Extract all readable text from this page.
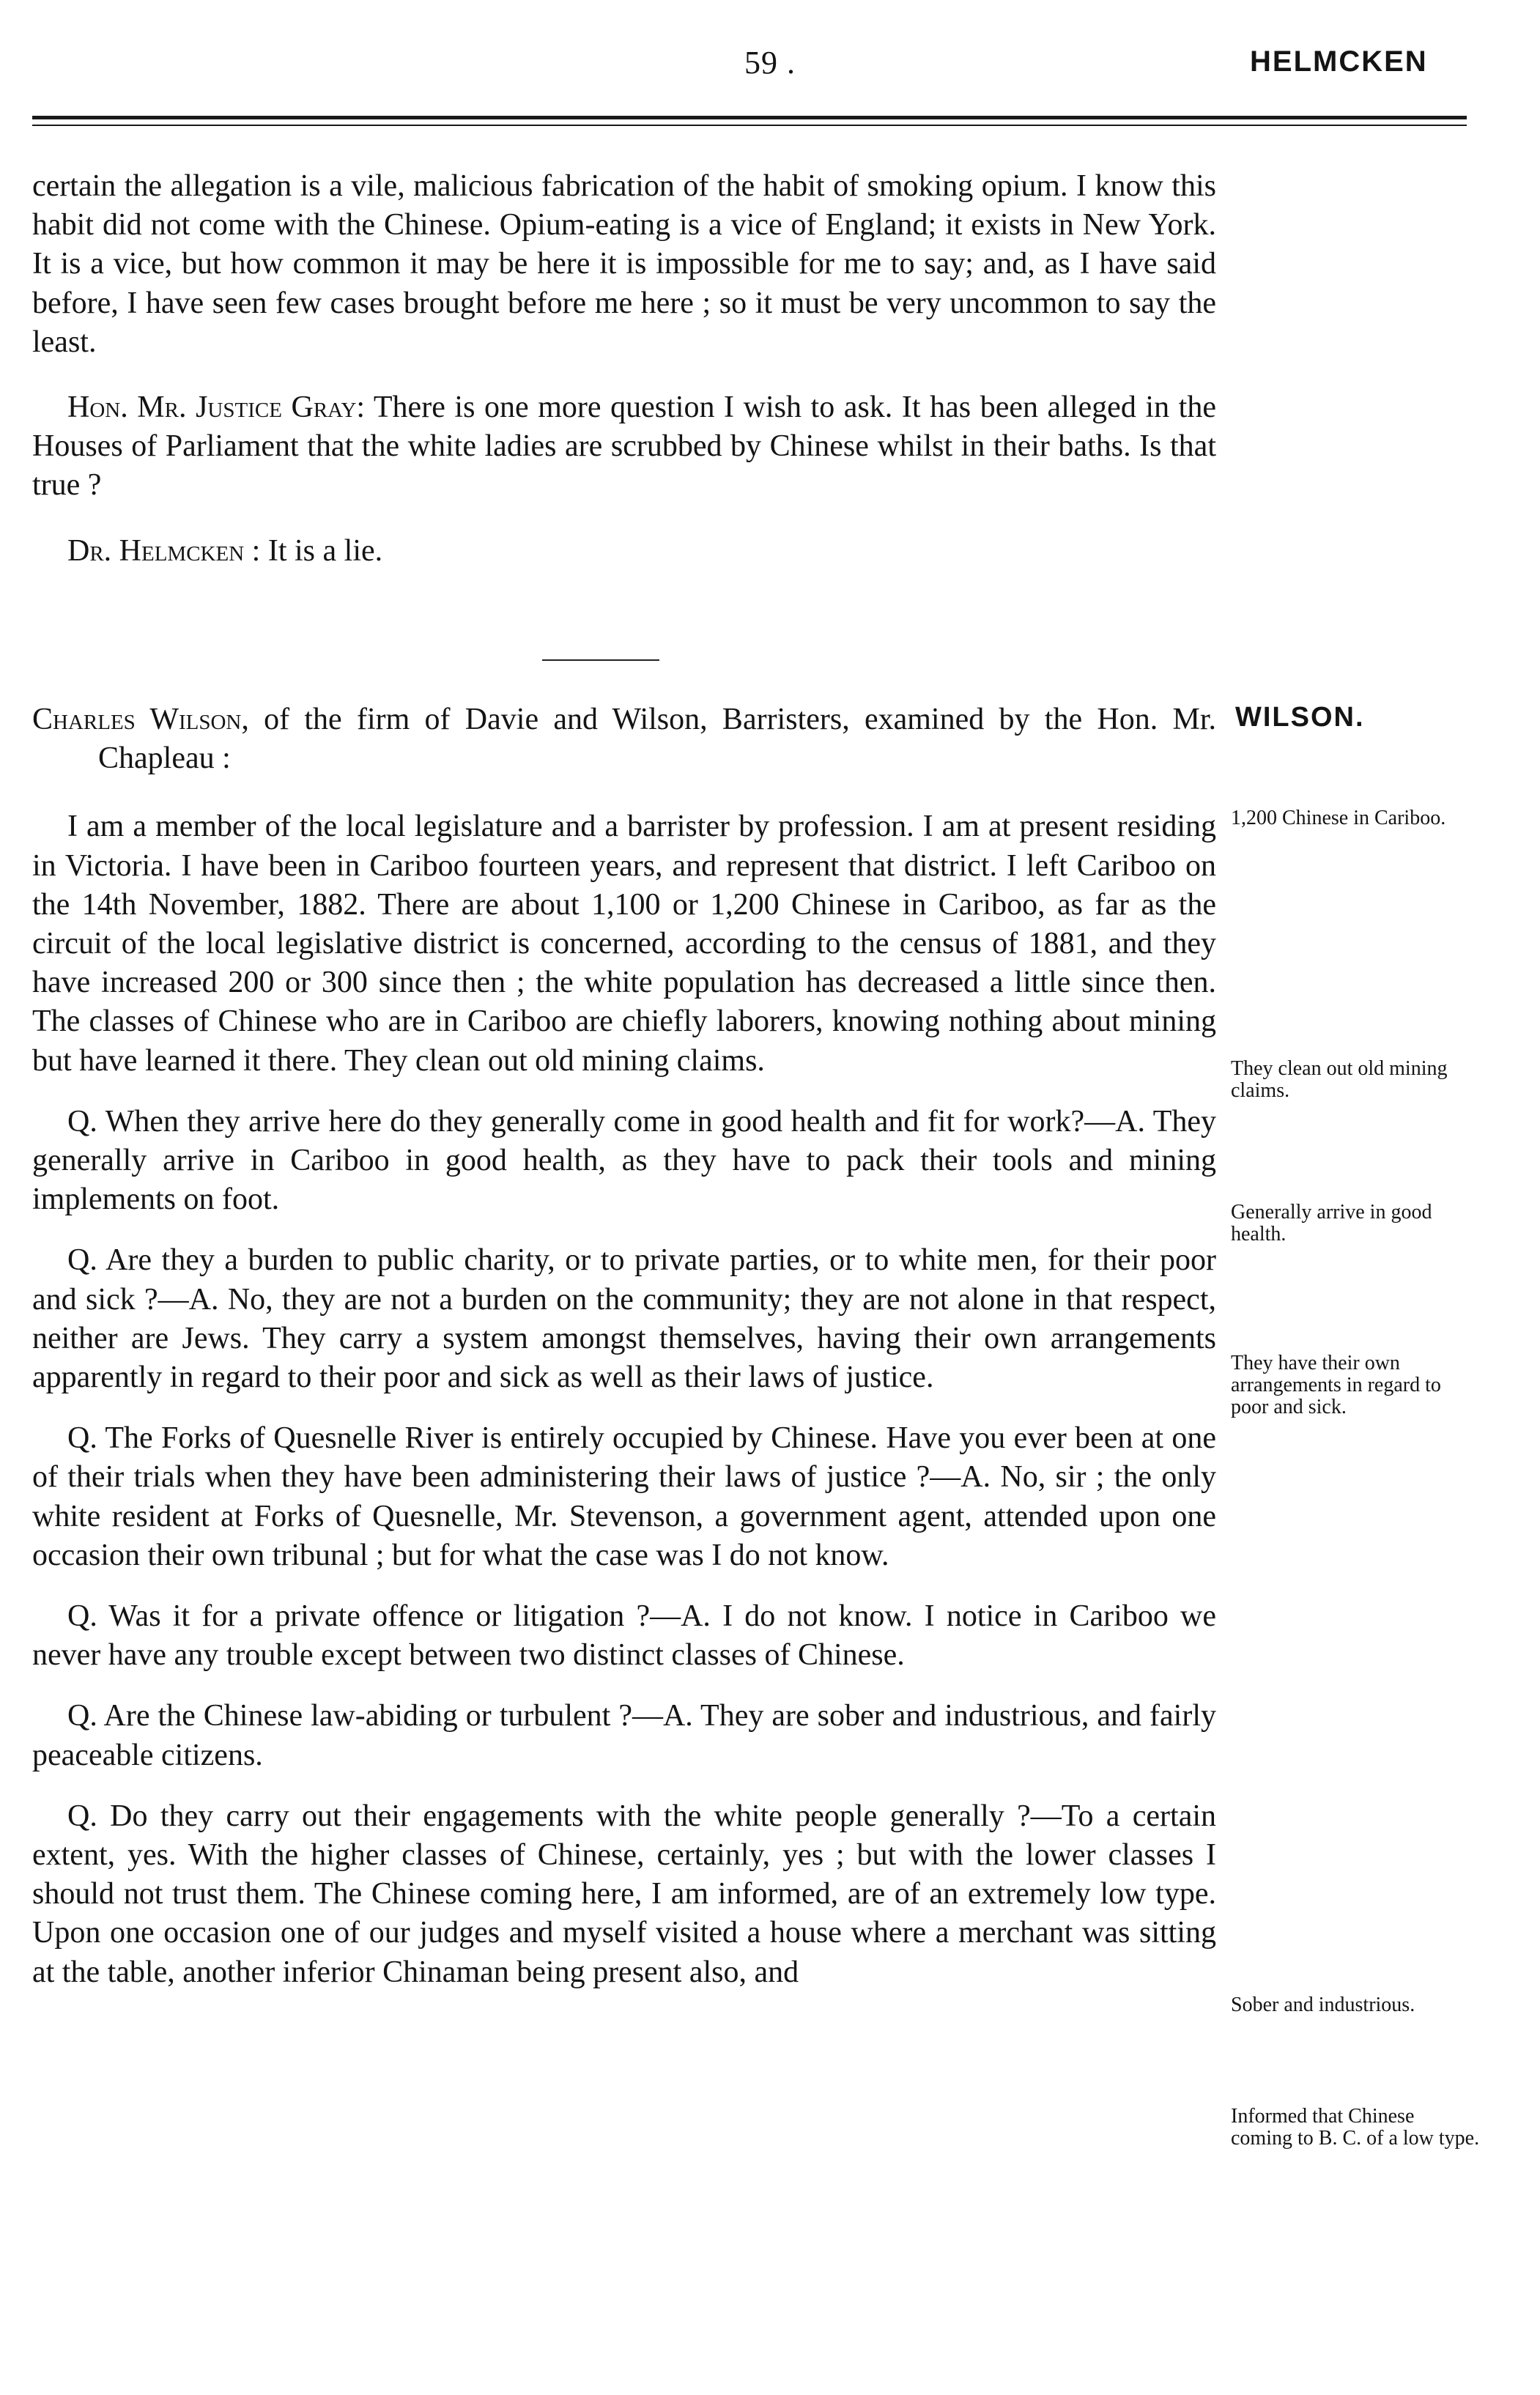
59 .	HELMCKEN

certain the allegation is a vile, malicious fabrication of the habit of smoking opium. I know this habit did not come with the Chinese. Opium-eating is a vice of England; it exists in New York. It is a vice, but how common it may be here it is impossible for me to say; and, as I have said before, I have seen few cases brought before me here ; so it must be very uncommon to say the least.

Hon. Mr. Justice Gray: There is one more question I wish to ask. It has been alleged in the Houses of Parliament that the white ladies are scrubbed by Chinese whilst in their baths. Is that true ?

Dr. Helmcken : It is a lie.

Charles Wilson, of the firm of Davie and Wilson, Barristers, examined by the Hon. Mr. Chapleau :

I am a member of the local legislature and a barrister by profession. I am at present residing in Victoria. I have been in Cariboo fourteen years, and represent that district. I left Cariboo on the 14th November, 1882. There are about 1,100 or 1,200 Chinese in Cariboo, as far as the circuit of the local legislative district is concerned, according to the census of 1881, and they have increased 200 or 300 since then ; the white population has decreased a little since then. The classes of Chinese who are in Cariboo are chiefly laborers, knowing nothing about mining but have learned it there. They clean out old mining claims.

Q. When they arrive here do they generally come in good health and fit for work?—A. They generally arrive in Cariboo in good health, as they have to pack their tools and mining implements on foot.

Q. Are they a burden to public charity, or to private parties, or to white men, for their poor and sick ?—A. No, they are not a burden on the community; they are not alone in that respect, neither are Jews. They carry a system amongst themselves, having their own arrangements apparently in regard to their poor and sick as well as their laws of justice.

Q. The Forks of Quesnelle River is entirely occupied by Chinese. Have you ever been at one of their trials when they have been administering their laws of justice ?—A. No, sir ; the only white resident at Forks of Quesnelle, Mr. Stevenson, a government agent, attended upon one occasion their own tribunal ; but for what the case was I do not know.

Q. Was it for a private offence or litigation ?—A. I do not know. I notice in Cariboo we never have any trouble except between two distinct classes of Chinese.

Q. Are the Chinese law-abiding or turbulent ?—A. They are sober and industrious, and fairly peaceable citizens.

Q. Do they carry out their engagements with the white people generally ?—To a certain extent, yes. With the higher classes of Chinese, certainly, yes ; but with the lower classes I should not trust them. The Chinese coming here, I am informed, are of an extremely low type. Upon one occasion one of our judges and myself visited a house where a merchant was sitting at the table, another inferior Chinaman being present also, and

WILSON.
1,200 Chinese in Cariboo.
They clean out old mining claims.
Generally arrive in good health.
They have their own arrangements in regard to poor and sick.
Sober and industrious.
Informed that Chinese coming to B. C. of a low type.
